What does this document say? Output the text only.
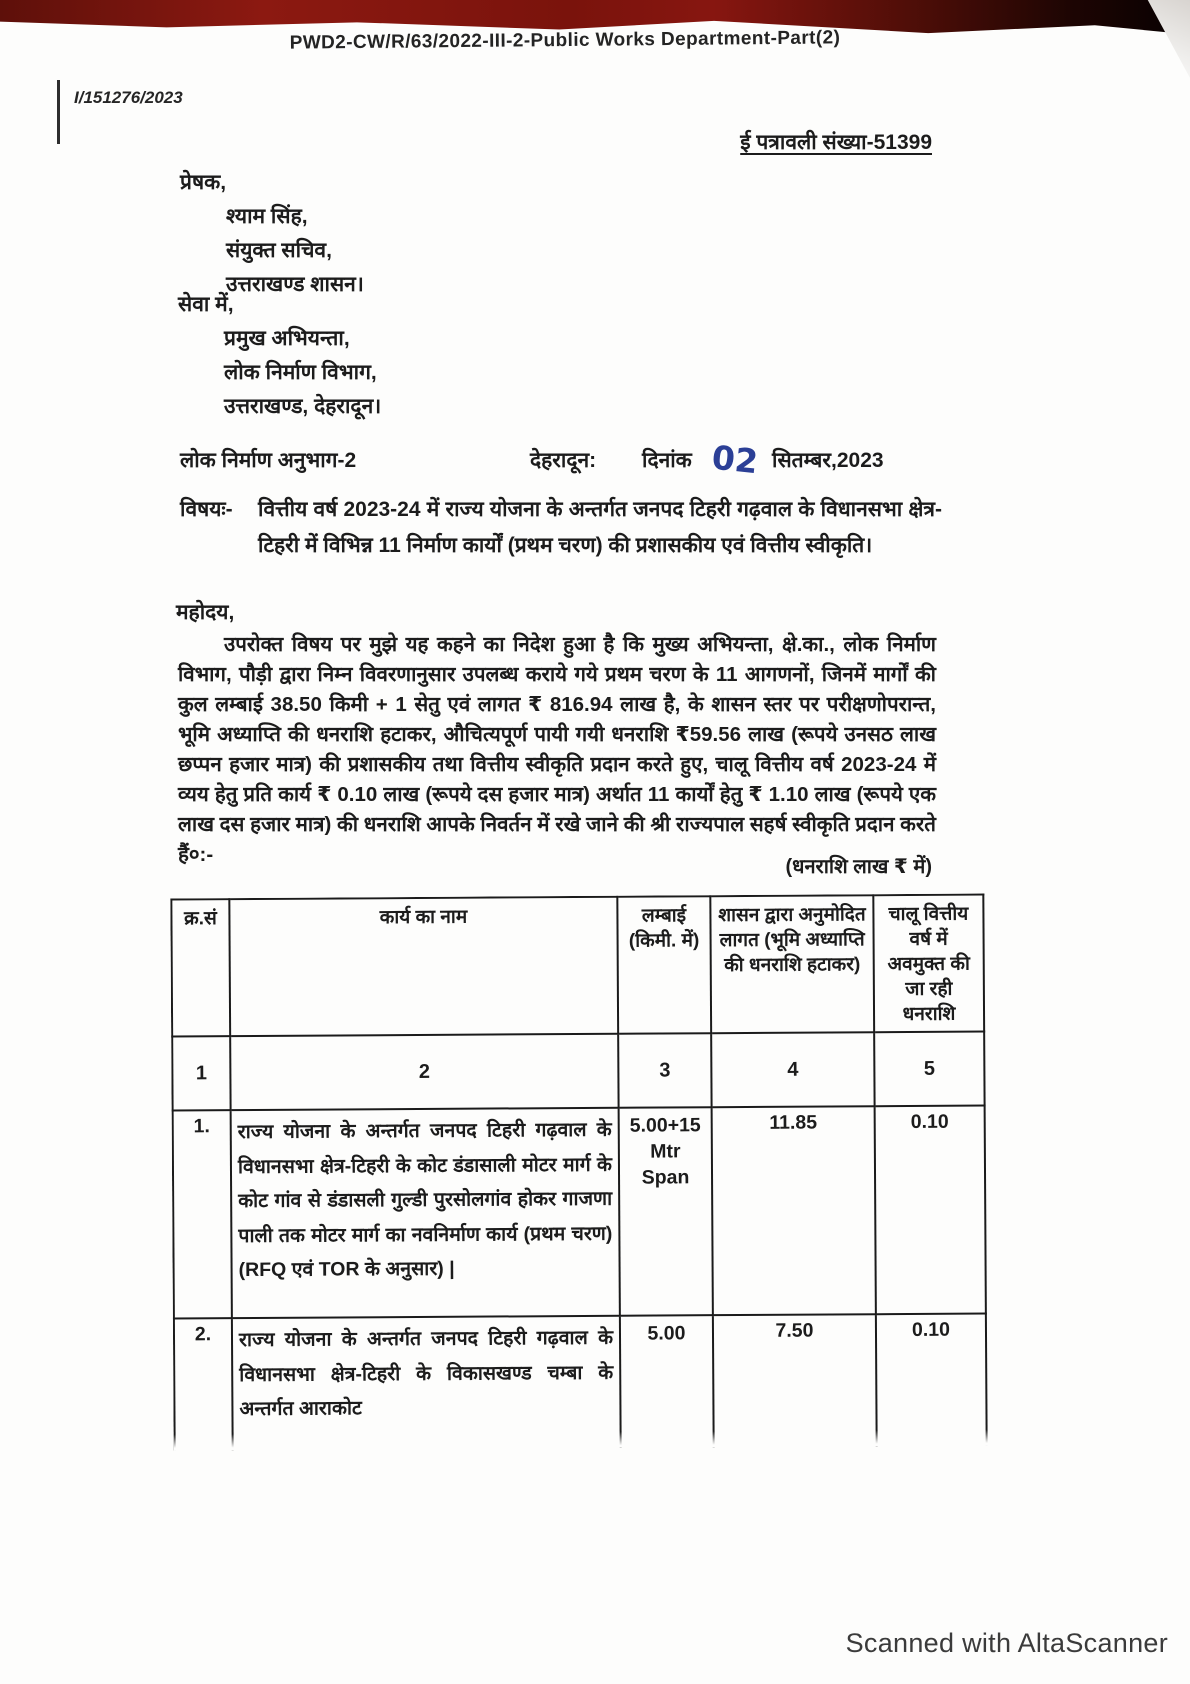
PWD2-CW/R/63/2022-III-2-Public Works Department-Part(2)
I/151276/2023
ई पत्रावली संख्या-51399
प्रेषक,
श्याम सिंह,
संयुक्त सचिव,
उत्तराखण्ड शासन।
सेवा में,
प्रमुख अभियन्ता,
लोक निर्माण विभाग,
उत्तराखण्ड, देहरादून।
लोक निर्माण अनुभाग-2	देहरादून: दिनांक 02 सितम्बर,2023
विषयः-	वित्तीय वर्ष 2023-24 में राज्य योजना के अन्तर्गत जनपद टिहरी गढ़वाल के विधानसभा क्षेत्र- टिहरी में विभिन्न 11 निर्माण कार्यों (प्रथम चरण) की प्रशासकीय एवं वित्तीय स्वीकृति।
महोदय,
उपरोक्त विषय पर मुझे यह कहने का निदेश हुआ है कि मुख्य अभियन्ता, क्षे.का., लोक निर्माण विभाग, पौड़ी द्वारा निम्न विवरणानुसार उपलब्ध कराये गये प्रथम चरण के 11 आगणनों, जिनमें मार्गों की कुल लम्बाई 38.50 किमी + 1 सेतु एवं लागत ₹ 816.94 लाख है, के शासन स्तर पर परीक्षणोपरान्त, भूमि अध्याप्ति की धनराशि हटाकर, औचित्यपूर्ण पायी गयी धनराशि ₹59.56 लाख (रूपये उनसठ लाख छप्पन हजार मात्र) की प्रशासकीय तथा वित्तीय स्वीकृति प्रदान करते हुए, चालू वित्तीय वर्ष 2023-24 में व्यय हेतु प्रति कार्य ₹ 0.10 लाख (रूपये दस हजार मात्र) अर्थात 11 कार्यों हेतु ₹ 1.10 लाख (रूपये एक लाख दस हजार मात्र) की धनराशि आपके निवर्तन में रखे जाने की श्री राज्यपाल सहर्ष स्वीकृति प्रदान करते हैं०:-
(धनराशि लाख ₹ में)
क्र.सं	कार्य का नाम	लम्बाई (किमी. में)	शासन द्वारा अनुमोदित लागत (भूमि अध्याप्ति की धनराशि हटाकर)	चालू वित्तीय वर्ष में अवमुक्त की जा रही धनराशि
1	2	3	4	5
1.	राज्य योजना के अन्तर्गत जनपद टिहरी गढ़वाल के विधानसभा क्षेत्र-टिहरी के कोट डंडासाली मोटर मार्ग के कोट गांव से डंडासली गुल्डी पुरसोलगांव होकर गाजणा पाली तक मोटर मार्ग का नवनिर्माण कार्य (प्रथम चरण) (RFQ एवं TOR के अनुसार) |	5.00+15 Mtr Span	11.85	0.10
2.	राज्य योजना के अन्तर्गत जनपद टिहरी गढ़वाल के विधानसभा क्षेत्र-टिहरी के विकासखण्ड चम्बा के अन्तर्गत आराकोट	5.00	7.50	0.10
Scanned with AltaScanner
